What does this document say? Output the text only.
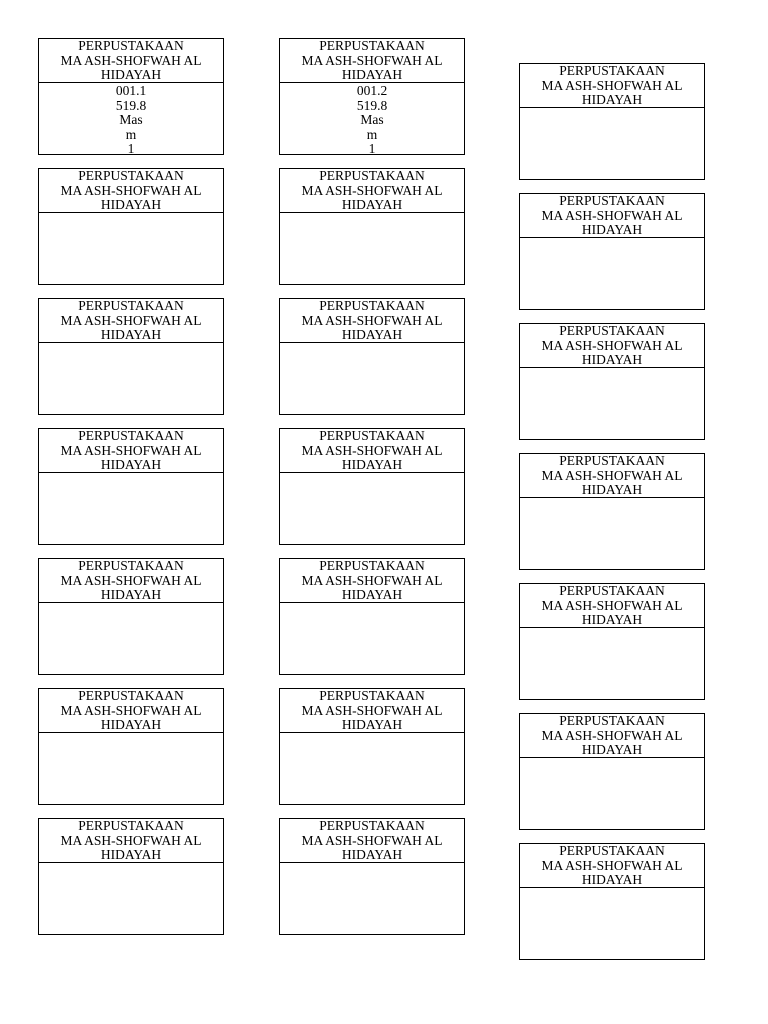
PERPUSTAKAAN
MA ASH-SHOFWAH AL
HIDAYAH
001.1
519.8
Mas
m
1
PERPUSTAKAAN
MA ASH-SHOFWAH AL
HIDAYAH
001.2
519.8
Mas
m
1
PERPUSTAKAAN
MA ASH-SHOFWAH AL
HIDAYAH
PERPUSTAKAAN
MA ASH-SHOFWAH AL
HIDAYAH
PERPUSTAKAAN
MA ASH-SHOFWAH AL
HIDAYAH	PERPUSTAKAAN
MA ASH-SHOFWAH AL
HIDAYAH
PERPUSTAKAAN
MA ASH-SHOFWAH AL
HIDAYAH
PERPUSTAKAAN
MA ASH-SHOFWAH AL
HIDAYAH	PERPUSTAKAAN
MA ASH-SHOFWAH AL
HIDAYAH
PERPUSTAKAAN
MA ASH-SHOFWAH AL
HIDAYAH
PERPUSTAKAAN
MA ASH-SHOFWAH AL
HIDAYAH	PERPUSTAKAAN
MA ASH-SHOFWAH AL
HIDAYAH
PERPUSTAKAAN
MA ASH-SHOFWAH AL
HIDAYAH
PERPUSTAKAAN
MA ASH-SHOFWAH AL
HIDAYAH	PERPUSTAKAAN
MA ASH-SHOFWAH AL
HIDAYAH
PERPUSTAKAAN
MA ASH-SHOFWAH AL
HIDAYAH
PERPUSTAKAAN
MA ASH-SHOFWAH AL
HIDAYAH	PERPUSTAKAAN
MA ASH-SHOFWAH AL
HIDAYAH
PERPUSTAKAAN
MA ASH-SHOFWAH AL
HIDAYAH
PERPUSTAKAAN
MA ASH-SHOFWAH AL
HIDAYAH	PERPUSTAKAAN
MA ASH-SHOFWAH AL
HIDAYAH
